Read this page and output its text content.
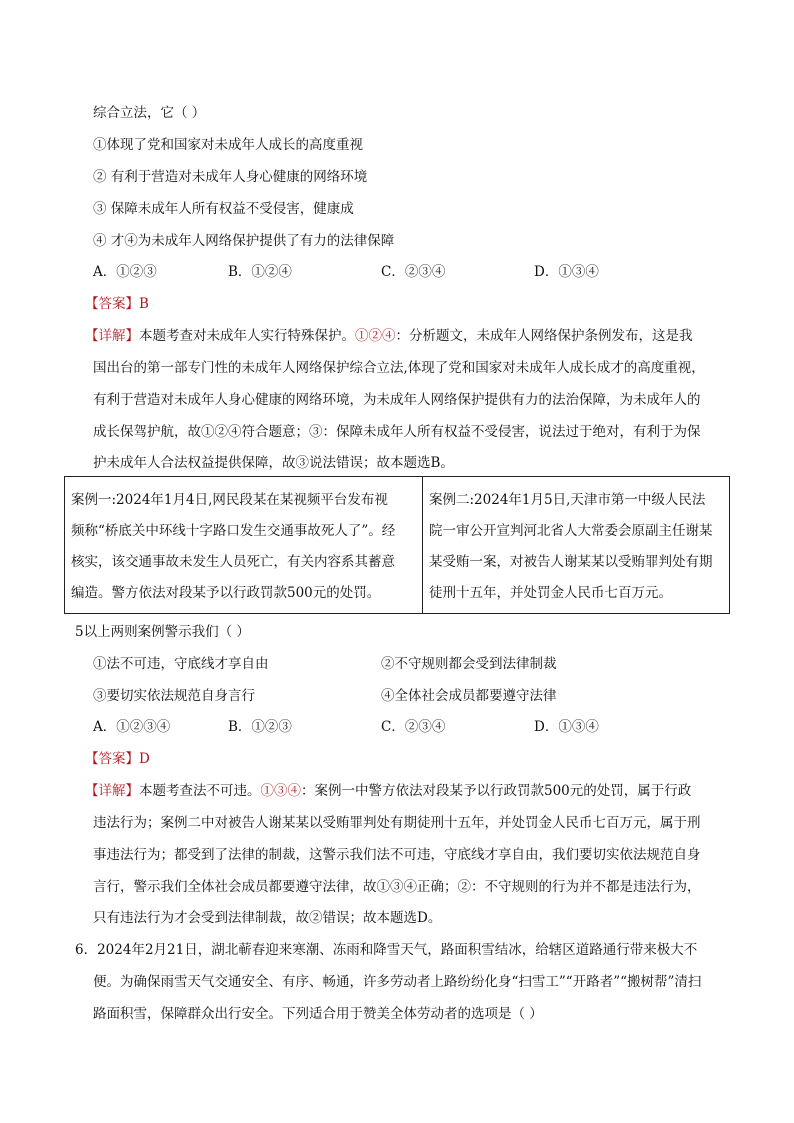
综合立法，它（ ）
①体现了党和国家对未成年人成长的高度重视
② 有利于营造对未成年人身心健康的网络环境
③ 保障未成年人所有权益不受侵害，健康成
④ 才④为未成年人网络保护提供了有力的法律保障
A．①②③	B．①②④	C．②③④	D．①③④
【答案】B
【详解】本题考查对未成年人实行特殊保护。①②④：分析题文，未成年人网络保护条例发布，这是我
国出台的第一部专门性的未成年人网络保护综合立法,体现了党和国家对未成年人成长成才的高度重视，
有利于营造对未成年人身心健康的网络环境，为未成年人网络保护提供有力的法治保障，为未成年人的
成长保驾护航，故①②④符合题意；③：保障未成年人所有权益不受侵害，说法过于绝对，有利于为保
护未成年人合法权益提供保障，故③说法错误；故本题选B。
案例一:2024年1月4日,网民段某在某视频平台发布视
频称“桥底关中环线十字路口发生交通事故死人了”。经
核实，该交通事故未发生人员死亡，有关内容系其蓄意
编造。警方依法对段某予以行政罚款500元的处罚。

案例二:2024年1月5日,天津市第一中级人民法
院一审公开宣判河北省人大常委会原副主任谢某
某受贿一案，对被告人谢某某以受贿罪判处有期
徒刑十五年，并处罚金人民币七百万元。
5以上两则案例警示我们（ ）
①法不可违，守底线才享自由	②不守规则都会受到法律制裁
③要切实依法规范自身言行	④全体社会成员都要遵守法律
A．①②③④	B．①②③	C．②③④	D．①③④
【答案】D
【详解】本题考查法不可违。①③④：案例一中警方依法对段某予以行政罚款500元的处罚，属于行政
违法行为；案例二中对被告人谢某某以受贿罪判处有期徒刑十五年，并处罚金人民币七百万元，属于刑
事违法行为；都受到了法律的制裁，这警示我们法不可违，守底线才享自由，我们要切实依法规范自身
言行，警示我们全体社会成员都要遵守法律，故①③④正确；②：不守规则的行为并不都是违法行为，
只有违法行为才会受到法律制裁，故②错误；故本题选D。
6．2024年2月21日，湖北蕲春迎来寒潮、冻雨和降雪天气，路面积雪结冰，给辖区道路通行带来极大不
便。为确保雨雪天气交通安全、有序、畅通，许多劳动者上路纷纷化身“扫雪工”“开路者”“搬树帮”清扫
路面积雪，保障群众出行安全。下列适合用于赞美全体劳动者的选项是（ ）
